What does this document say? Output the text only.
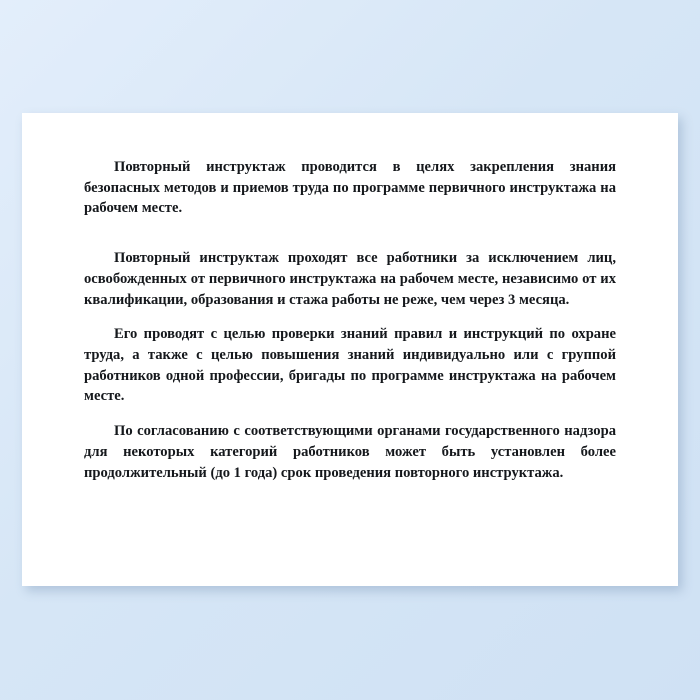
Повторный инструктаж проводится в целях закрепления знания безопасных методов и приемов труда по программе первичного инструктажа на рабочем месте.

Повторный инструктаж проходят все работники за исключением лиц, освобожденных от первичного инструктажа на рабочем месте, независимо от их квалификации, образования и стажа работы не реже, чем через 3 месяца.

Его проводят с целью проверки знаний правил и инструкций по охране труда, а также с целью повышения знаний индивидуально или с группой работников одной профессии, бригады по программе инструктажа на рабочем месте.

По согласованию с соответствующими органами государственного надзора для некоторых категорий работников может быть установлен более продолжительный (до 1 года) срок проведения повторного инструктажа.
